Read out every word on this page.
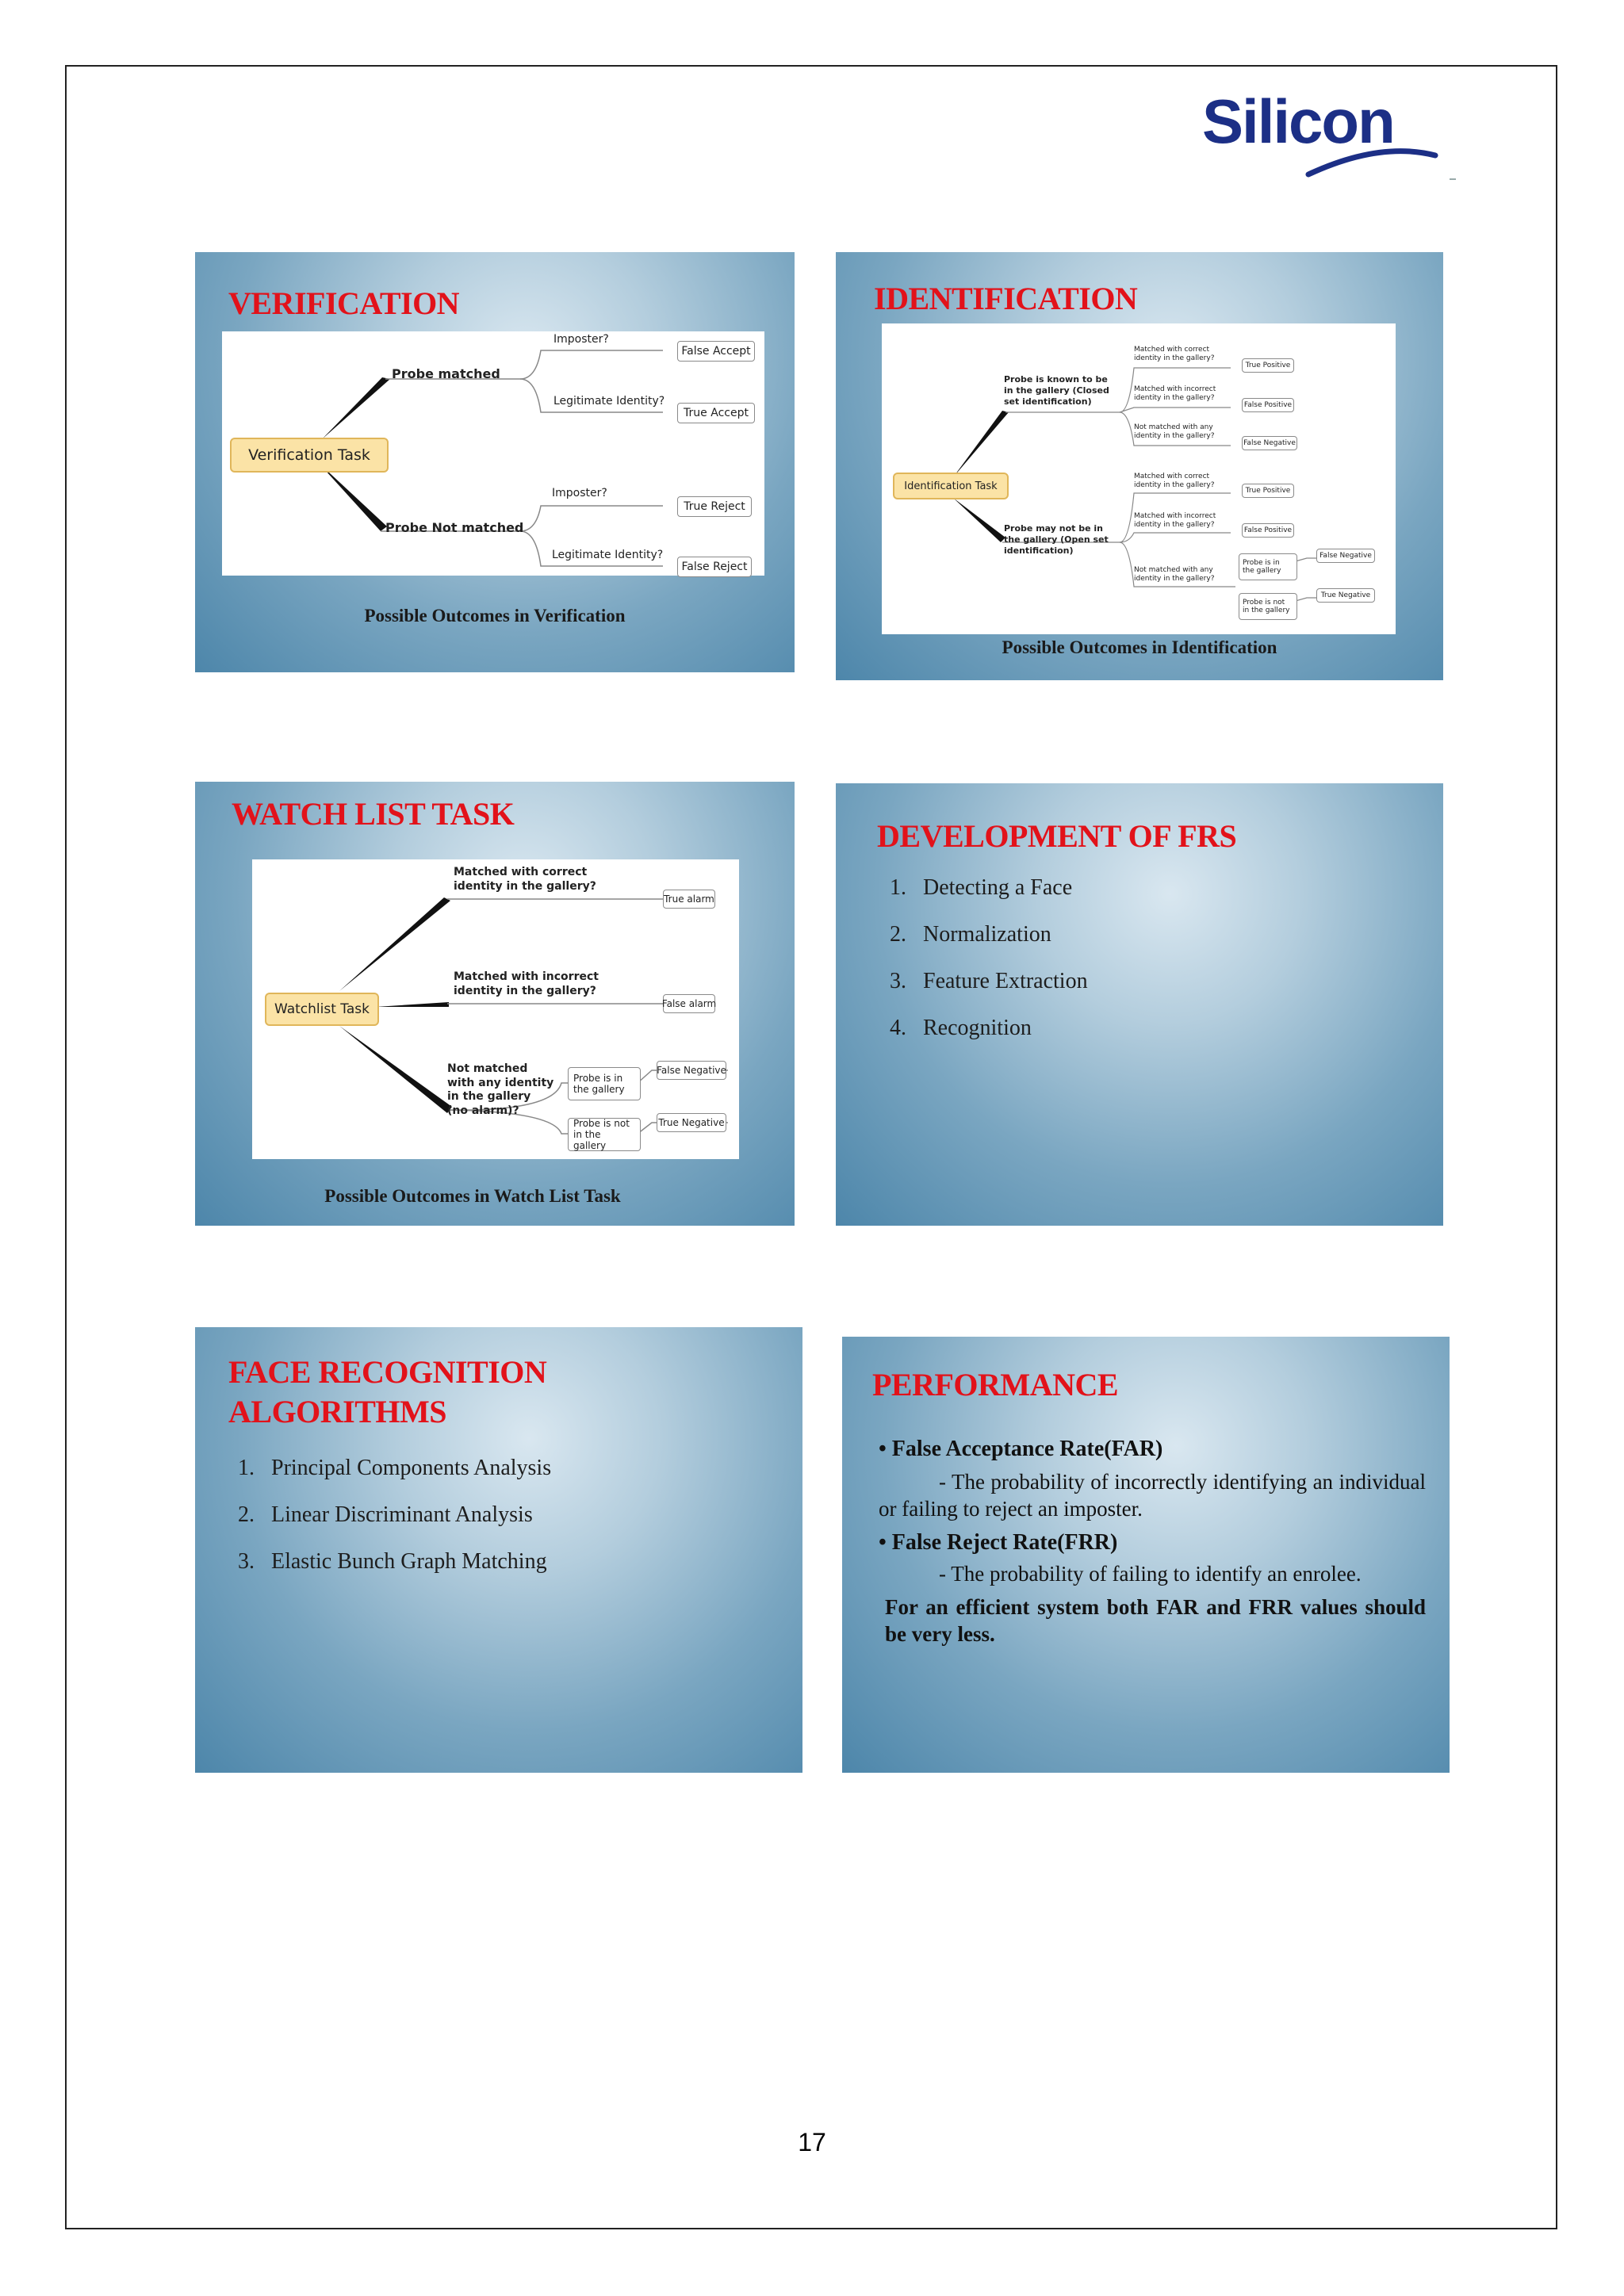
Silicon
VERIFICATION
Verification Task
Probe matched
Probe Not matched
Imposter?
Legitimate Identity?
Imposter?
Legitimate Identity?
False Accept
True Accept
True Reject
False Reject
Possible Outcomes in Verification
IDENTIFICATION
Identification Task
Probe is known to be in the gallery (Closed set identification)
Probe may not be in the gallery (Open set identification)
Matched with correct identity in the gallery?
Matched with incorrect identity in the gallery?
Not matched with any identity in the gallery?
True Positive
False Positive
False Negative
Matched with correct identity in the gallery?
Matched with incorrect identity in the gallery?
Not matched with any identity in the gallery?
True Positive
False Positive
Probe is in the gallery
Probe is not in the gallery
False Negative
True Negative
Possible Outcomes in Identification
WATCH LIST TASK
Watchlist Task
Matched with correct identity in the gallery?
Matched with incorrect identity in the gallery?
Not matched with any identity in the gallery (no alarm)?
True alarm
False alarm
Probe is in the gallery
Probe is not in the gallery
False Negative
True Negative
Possible Outcomes in Watch List Task
DEVELOPMENT OF FRS
1. Detecting a Face
2. Normalization
3. Feature Extraction
4. Recognition
FACE RECOGNITION
ALGORITHMS
1. Principal Components Analysis
2. Linear Discriminant Analysis
3. Elastic Bunch Graph Matching
PERFORMANCE
• False Acceptance Rate(FAR)
- The probability of incorrectly identifying an individual or failing to reject an imposter.
• False Reject Rate(FRR)
- The probability of failing to identify an enrolee.
For an efficient system both FAR and FRR values should be very less.
17
